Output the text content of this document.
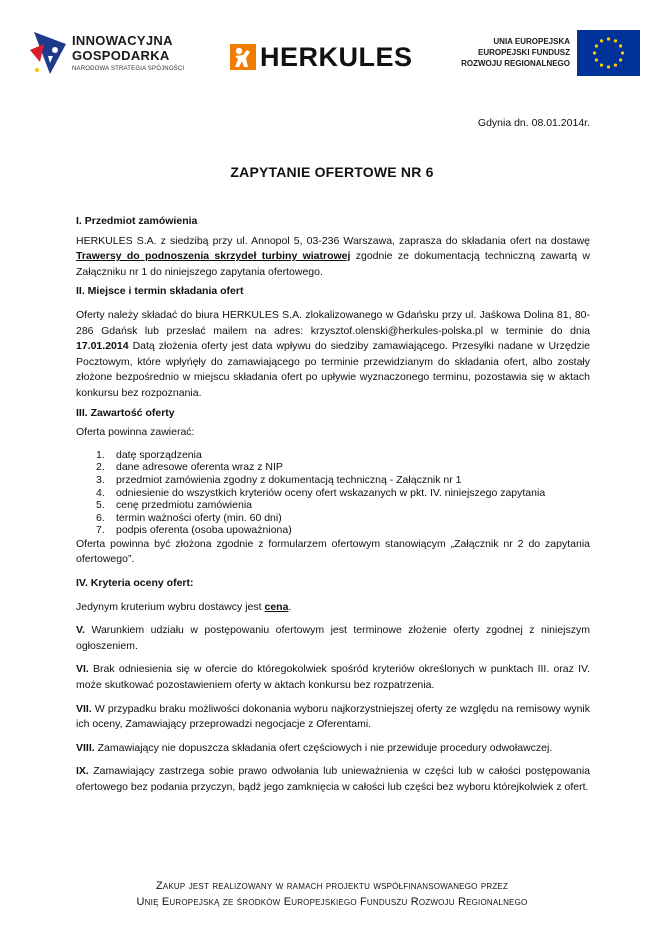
INNOWACYJNA
GOSPODARKA
NARODOWA STRATEGIA SPÓJNOŚCI	HERKULES
UNIA EUROPEJSKA
EUROPEJSKI FUNDUSZ
ROZWOJU REGIONALNEGO
Gdynia dn. 08.01.2014r.
ZAPYTANIE OFERTOWE NR 6

I. Przedmiot zamówienia

HERKULES S.A. z siedzibą przy ul. Annopol 5, 03-236 Warszawa, zaprasza do składania ofert na dostawę Trawersy do podnoszenia skrzydeł turbiny wiatrowej zgodnie ze dokumentacją techniczną zawartą w Załączniku nr 1 do niniejszego zapytania ofertowego.

II. Miejsce i termin składania ofert

Oferty należy składać do biura HERKULES S.A. zlokalizowanego w Gdańsku przy ul. Jaśkowa Dolina 81, 80-286 Gdańsk lub przesłać mailem na adres: krzysztof.olenski@herkules-polska.pl w terminie do dnia 17.01.2014 Datą złożenia oferty jest data wpływu do siedziby zamawiającego. Przesyłki nadane w Urzędzie Pocztowym, które wpłyńęły do zamawiającego po terminie przewidzianym do składania ofert, albo zostały złożone bezpośrednio w miejscu składania ofert po upływie wyznaczonego terminu, pozostawia się w aktach konkursu bez rozpoznania.

III. Zawartość oferty

Oferta powinna zawierać:

1. datę sporządzenia
2. dane adresowe oferenta wraz z NIP
3. przedmiot zamówienia zgodny z dokumentacją techniczną - Załącznik nr 1
4. odniesienie do wszystkich kryteriów oceny ofert wskazanych w pkt. IV. niniejszego zapytania
5. cenę przedmiotu zamówienia
6. termin ważności oferty (min. 60 dni)
7. podpis oferenta (osoba upoważniona)

Oferta powinna być złożona zgodnie z formularzem ofertowym stanowiącym „Załącznik nr 2 do zapytania ofertowego”.

IV. Kryteria oceny ofert:

Jedynym kruterium wybru dostawcy jest cena.

V. Warunkiem udziału w postępowaniu ofertowym jest terminowe złożenie oferty zgodnej z niniejszym ogłoszeniem.

VI. Brak odniesienia się w ofercie do któregokolwiek spośród kryteriów określonych w punktach III. oraz IV. może skutkować pozostawieniem oferty w aktach konkursu bez rozpatrzenia.

VII. W przypadku braku możliwości dokonania wyboru najkorzystniejszej oferty ze względu na remisowy wynik ich oceny, Zamawiający przeprowadzi negocjacje z Oferentami.

VIII. Zamawiający nie dopuszcza składania ofert częściowych i nie przewiduje procedury odwoławczej.

IX. Zamawiający zastrzega sobie prawo odwołania lub unieważnienia w części lub w całości postępowania ofertowego bez podania przyczyn, bądź jego zamknięcia w całości lub części bez wyboru którejkolwiek z ofert.

Zakup jest realizowany w ramach projektu współfinansowanego przez
Unię Europejską ze środków Europejskiego Funduszu Rozwoju Regionalnego
